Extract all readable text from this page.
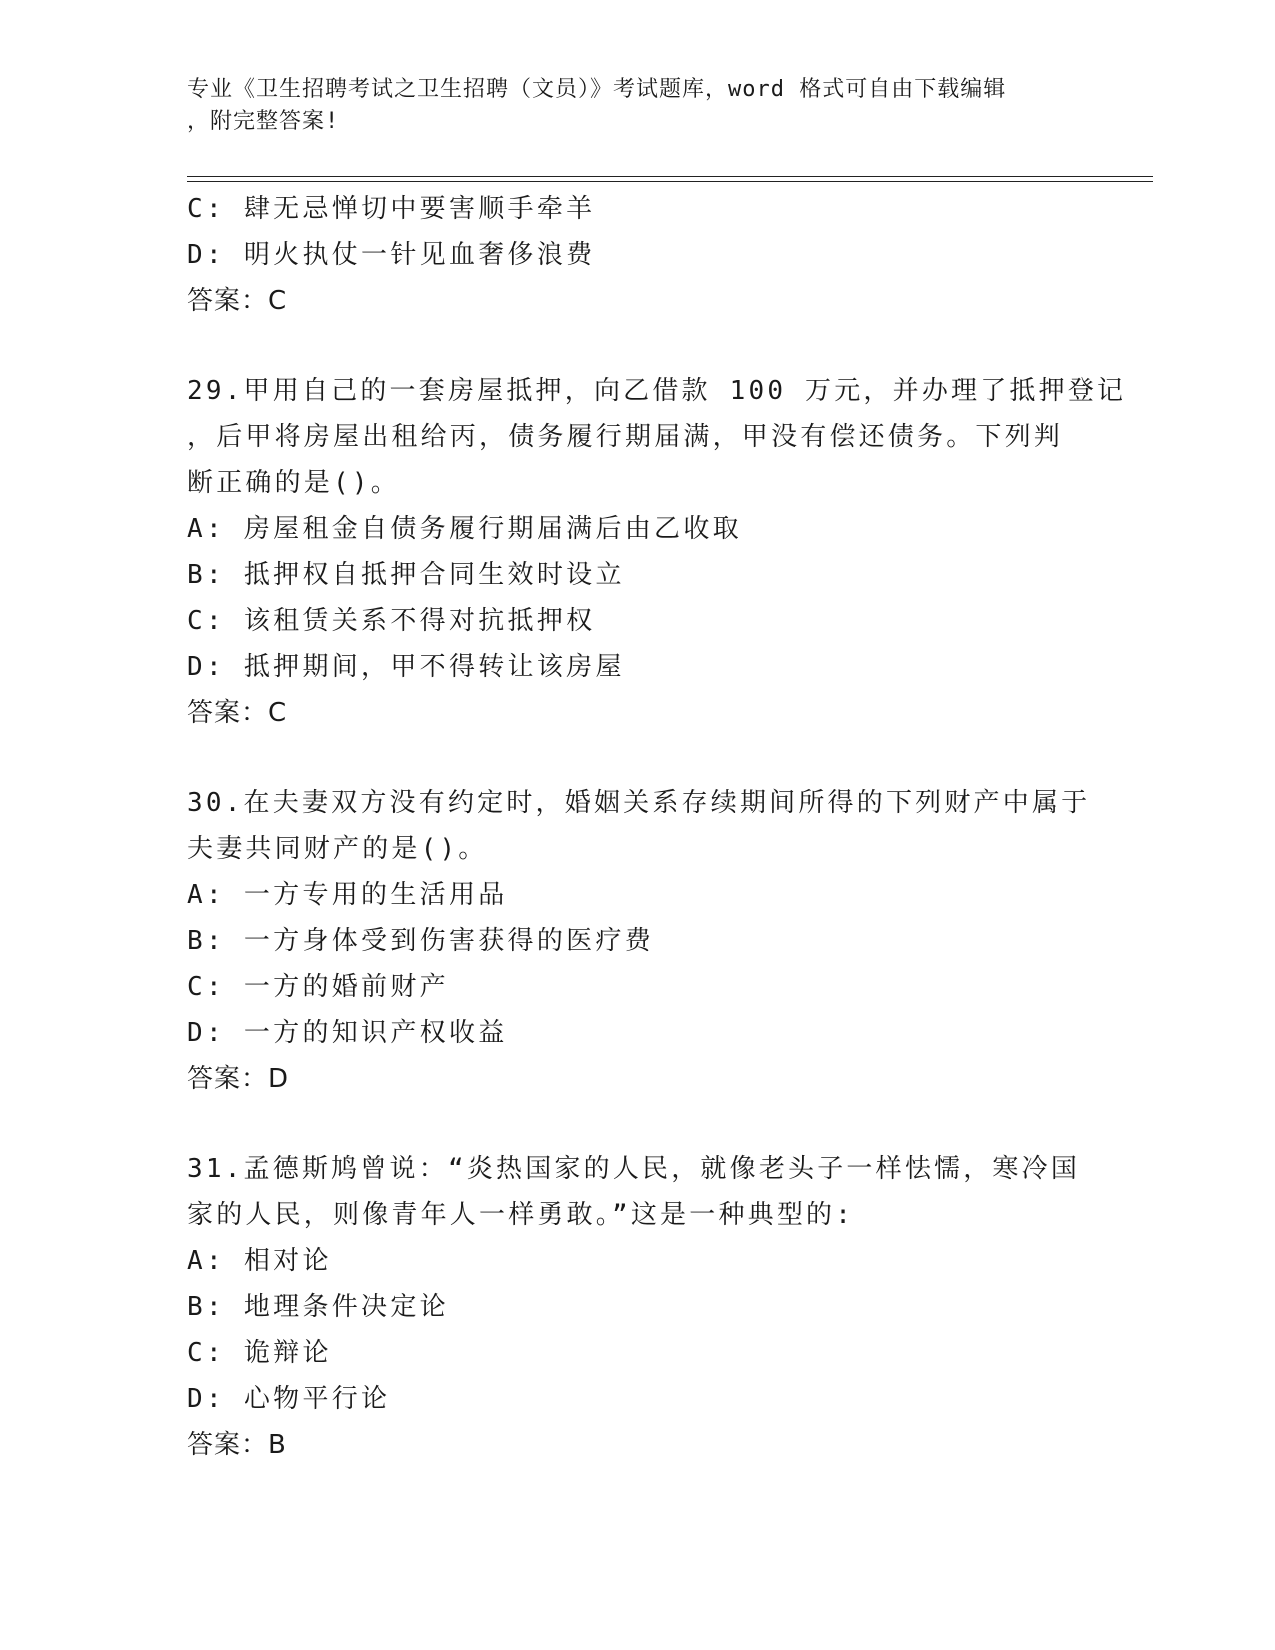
专业《卫生招聘考试之卫生招聘（文员）》考试题库，word 格式可自由下载编辑
，附完整答案!
C: 肆无忌惮切中要害顺手牵羊
D: 明火执仗一针见血奢侈浪费
答案：C
29.甲用自己的一套房屋抵押，向乙借款 100 万元，并办理了抵押登记
，后甲将房屋出租给丙，债务履行期届满，甲没有偿还债务。下列判
断正确的是()。
A: 房屋租金自债务履行期届满后由乙收取
B: 抵押权自抵押合同生效时设立
C: 该租赁关系不得对抗抵押权
D: 抵押期间，甲不得转让该房屋
答案：C
30.在夫妻双方没有约定时，婚姻关系存续期间所得的下列财产中属于
夫妻共同财产的是()。
A: 一方专用的生活用品
B: 一方身体受到伤害获得的医疗费
C: 一方的婚前财产
D: 一方的知识产权收益
答案：D
31.孟德斯鸠曾说：“炎热国家的人民，就像老头子一样怯懦，寒冷国
家的人民，则像青年人一样勇敢。”这是一种典型的:
A: 相对论
B: 地理条件决定论
C: 诡辩论
D: 心物平行论
答案：B
